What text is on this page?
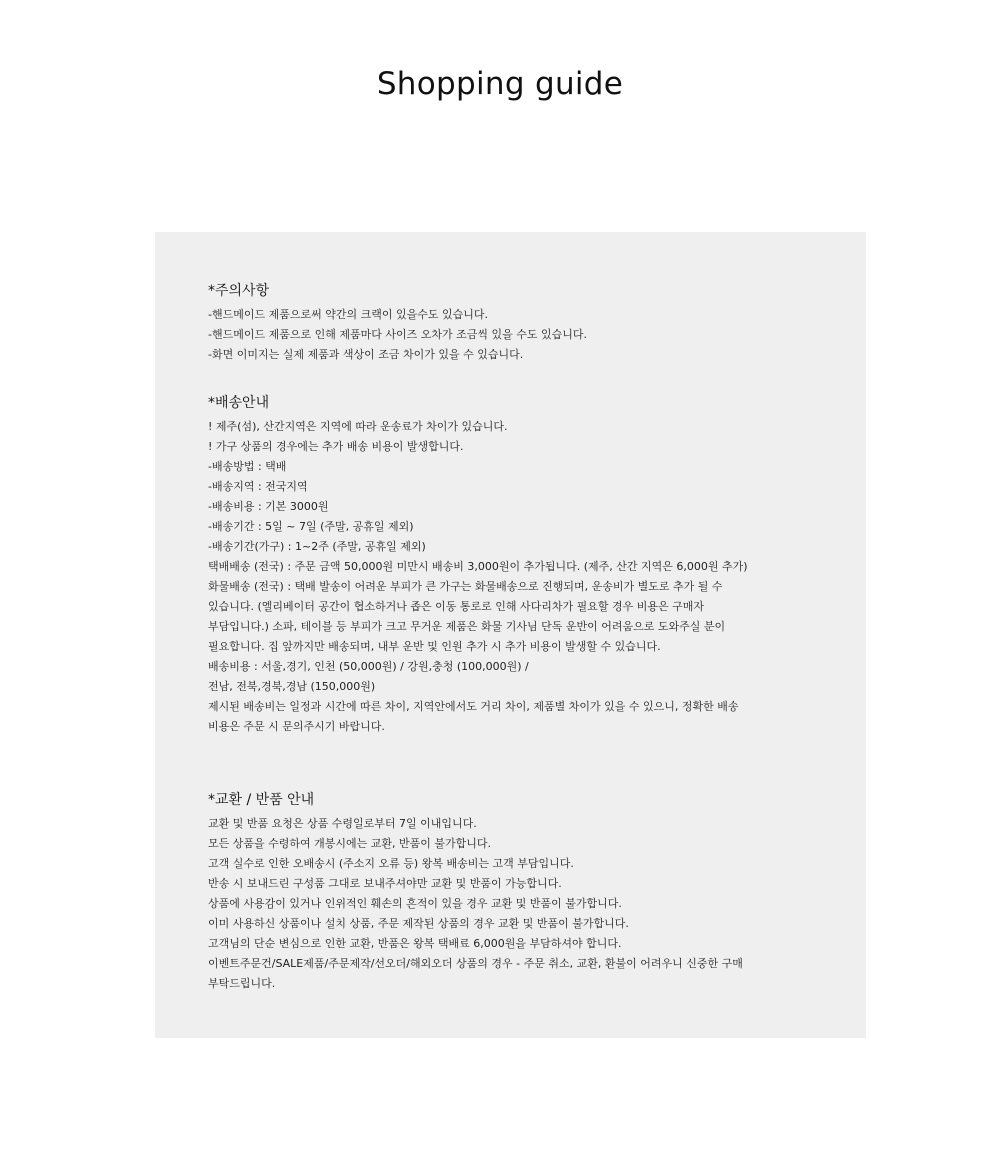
Shopping guide
*주의사항
-핸드메이드 제품으로써 약간의 크랙이 있을수도 있습니다.
-핸드메이드 제품으로 인해 제품마다 사이즈 오차가 조금씩 있을 수도 있습니다.
-화면 이미지는 실제 제품과 색상이 조금 차이가 있을 수 있습니다.
*배송안내
! 제주(섬), 산간지역은 지역에 따라 운송료가 차이가 있습니다.
! 가구 상품의 경우에는 추가 배송 비용이 발생합니다.
-배송방법 : 택배
-배송지역 : 전국지역
-배송비용 : 기본 3000원
-배송기간 : 5일 ~ 7일 (주말, 공휴일 제외)
-배송기간(가구) : 1~2주 (주말, 공휴일 제외)
택배배송 (전국) : 주문 금액 50,000원 미만시 배송비 3,000원이 추가됩니다. (제주, 산간 지역은 6,000원 추가)
화물배송 (전국) : 택배 발송이 어려운 부피가 큰 가구는 화물배송으로 진행되며, 운송비가 별도로 추가 될 수
있습니다. (엘리베이터 공간이 협소하거나 좁은 이동 통로로 인해 사다리차가 필요할 경우 비용은 구매자
부담입니다.) 소파, 테이블 등 부피가 크고 무거운 제품은 화물 기사님 단독 운반이 어려움으로 도와주실 분이
필요합니다. 집 앞까지만 배송되며, 내부 운반 및 인원 추가 시 추가 비용이 발생할 수 있습니다.
배송비용 : 서울,경기, 인천 (50,000원) / 강원,충청 (100,000원) /
전남, 전북,경북,경남 (150,000원)
제시된 배송비는 일정과 시간에 따른 차이, 지역안에서도 거리 차이, 제품별 차이가 있을 수 있으니, 정확한 배송
비용은 주문 시 문의주시기 바랍니다.
*교환 / 반품 안내
교환 및 반품 요청은 상품 수령일로부터 7일 이내입니다.
모든 상품을 수령하여 개봉시에는 교환, 반품이 불가합니다.
고객 실수로 인한 오배송시 (주소지 오류 등) 왕복 배송비는 고객 부담입니다.
반송 시 보내드린 구성품 그대로 보내주셔야만 교환 및 반품이 가능합니다.
상품에 사용감이 있거나 인위적인 훼손의 흔적이 있을 경우 교환 및 반품이 불가합니다.
이미 사용하신 상품이나 설치 상품, 주문 제작된 상품의 경우 교환 및 반품이 불가합니다.
고객님의 단순 변심으로 인한 교환, 반품은 왕복 택배료 6,000원을 부담하셔야 합니다.
이벤트주문건/SALE제품/주문제작/선오더/해외오더 상품의 경우 - 주문 취소, 교환, 환불이 어려우니 신중한 구매
부탁드립니다.
